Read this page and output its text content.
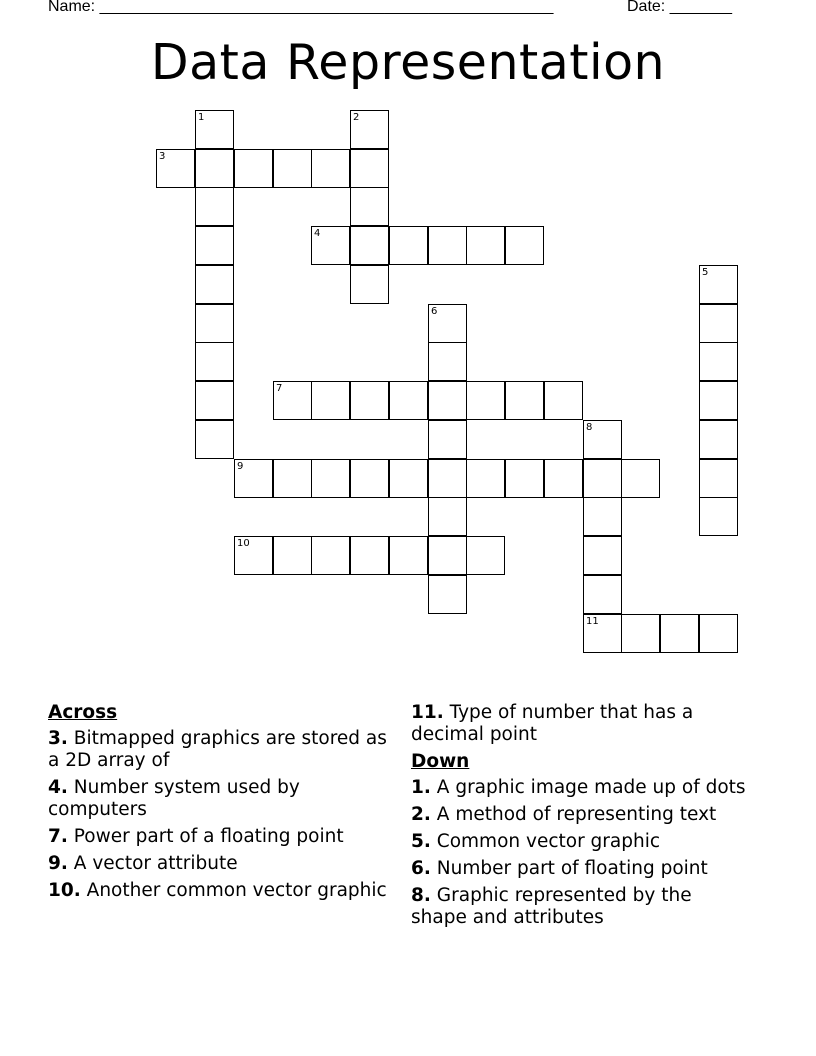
Name: ___________________________________________________	Date: _______
Data Representation
1	2
3
4
5
6
7
8
9
10
11
Across
3. Bitmapped graphics are stored as a 2D array of
4. Number system used by computers
7. Power part of a floating point
9. A vector attribute
10. Another common vector graphic
11. Type of number that has a decimal point
Down
1. A graphic image made up of dots
2. A method of representing text
5. Common vector graphic
6. Number part of floating point
8. Graphic represented by the shape and attributes
